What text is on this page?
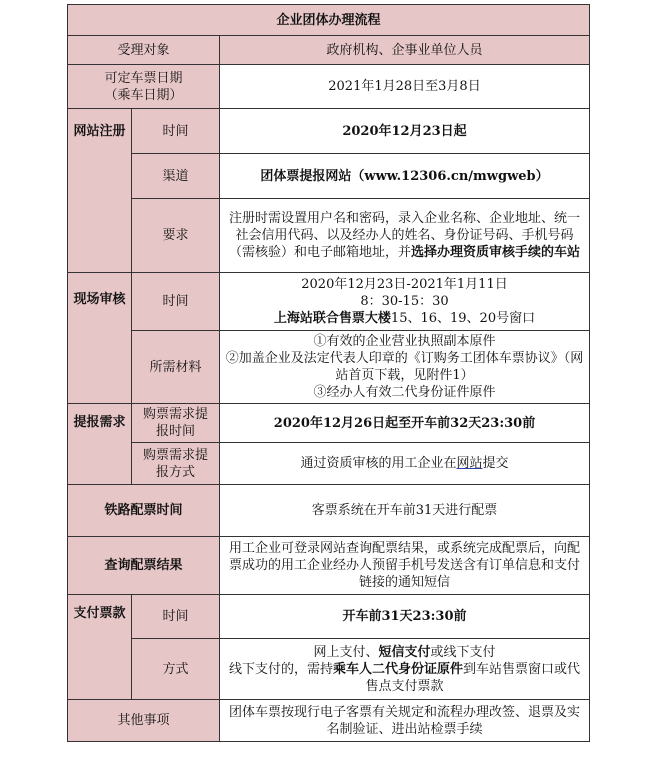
企业团体办理流程		
受理对象		政府机构、企事业单位人员

可定车票日期
（乘车日期）		2021年1月28日至3月8日
网站注册	时间	2020年12月23日起
	渠道	团体票提报网站（www.12306.cn/mwgweb）
	要求	注册时需设置用户名和密码，录入企业名称、企业地址、统一社会信用代码、以及经办人的姓名、身份证号码、手机号码（需核验）和电子邮箱地址，并选择办理资质审核手续的车站
现场审核	时间	2020年12月23日-2021年1月11日
8：30-15：30
上海站联合售票大楼15、16、19、20号窗口

	所需材料	①有效的企业营业执照副本原件
②加盖企业及法定代表人印章的《订购务工团体车票协议》（网站首页下载，见附件1）
③经办人有效二代身份证件原件

提报需求	购票需求提
报时间	2020年12月26日起至开车前32天23:30前

	购票需求提
报方式	通过资质审核的用工企业在网站提交
铁路配票时间		客票系统在开车前31天进行配票
查询配票结果		用工企业可登录网站查询配票结果，或系统完成配票后，向配票成功的用工企业经办人预留手机号发送含有订单信息和支付链接的通知短信
支付票款	时间	开车前31天23:30前
	方式	网上支付、短信支付或线下支付
线下支付的，需持乘车人二代身份证原件到车站售票窗口或代售点支付票款

其他事项		团体车票按现行电子客票有关规定和流程办理改签、退票及实名制验证、进出站检票手续
